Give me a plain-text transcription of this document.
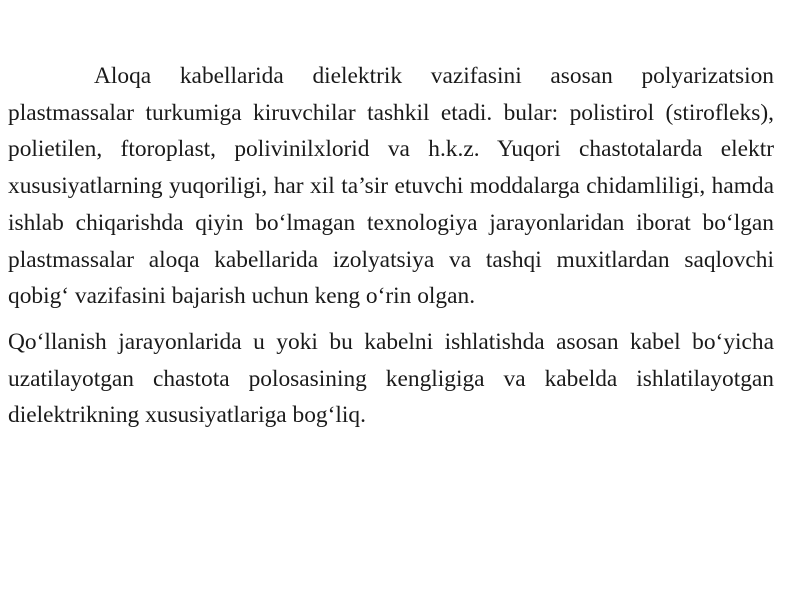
Aloqa kabellarida dielektrik vazifasini asosan polyarizatsion plastmassalar turkumiga kiruvchilar tashkil etadi. bular: polistirol (stirofleks), polietilen, ftoroplast, polivinilxlorid va h.k.z. Yuqori chastotalarda elektr xususiyatlarning yuqoriligi, har xil ta’sir etuvchi moddalarga chidamliligi, hamda ishlab chiqarishda qiyin bo‘lmagan texnologiya jarayonlaridan iborat bo‘lgan plastmassalar aloqa kabellarida izolyatsiya va tashqi muxitlardan saqlovchi qobig‘ vazifasini bajarish uchun keng o‘rin olgan.

Qo‘llanish jarayonlarida u yoki bu kabelni ishlatishda asosan kabel bo‘yicha uzatilayotgan chastota polosasining kengligiga va kabelda ishlatilayotgan dielektrikning xususiyatlariga bog‘liq.
